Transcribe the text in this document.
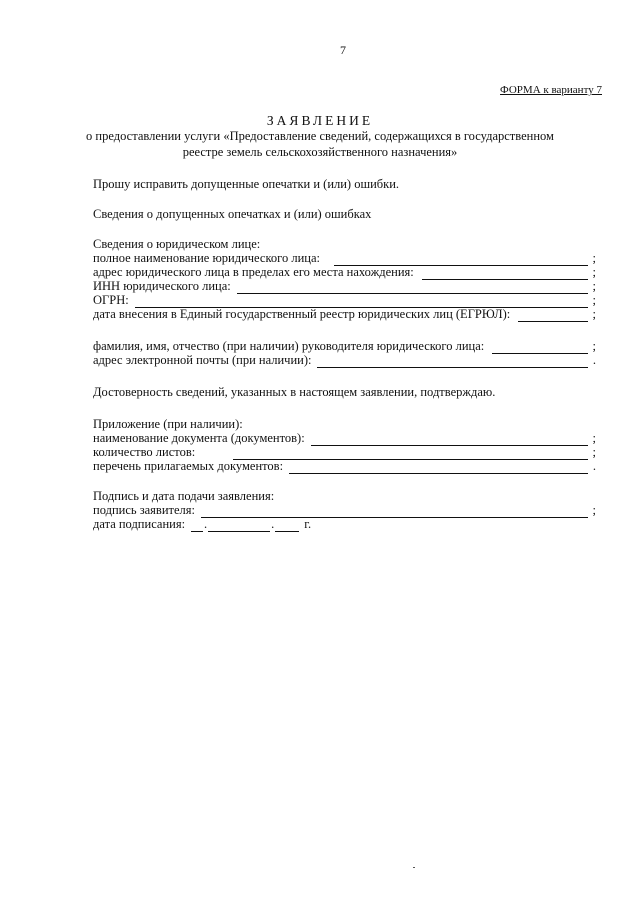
7
ФОРМА к варианту 7
ЗАЯВЛЕНИЕ
о предоставлении услуги «Предоставление сведений, содержащихся в государственном
реестре земель сельскохозяйственного назначения»
Прошу исправить допущенные опечатки и (или) ошибки.
Сведения о допущенных опечатках и (или) ошибках
Сведения о юридическом лице:
полное наименование юридического лица:	;
адрес юридического лица в пределах его места нахождения:	;
ИНН юридического лица:	;
ОГРН:	;
дата внесения в Единый государственный реестр юридических лиц (ЕГРЮЛ):	;
фамилия, имя, отчество (при наличии) руководителя юридического лица:	;
адрес электронной почты (при наличии):	.
Достоверность сведений, указанных в настоящем заявлении, подтверждаю.
Приложение (при наличии):
наименование документа (документов):	;
количество листов:	;
перечень прилагаемых документов:	.
Подпись и дата подачи заявления:
подпись заявителя:	;
дата подписания:	.	.	г.
